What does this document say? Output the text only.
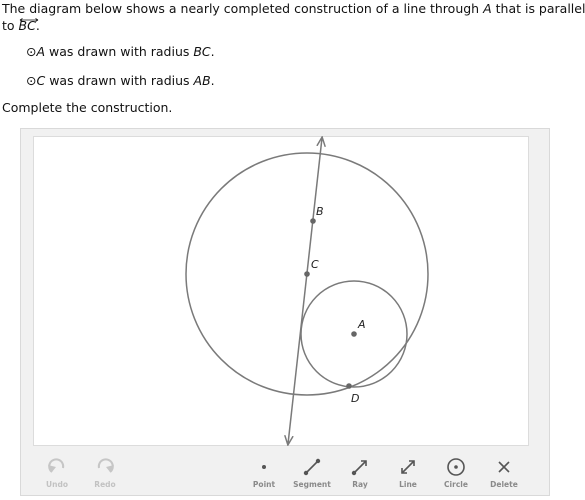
The diagram below shows a nearly completed construction of a line through A that is parallel
to
BC.
⊙A was drawn with radius BC.
⊙C was drawn with radius AB.
Complete the construction.
B
C
A
D
Undo	Redo	Point	Segment	Ray	Line	Circle	Delete
